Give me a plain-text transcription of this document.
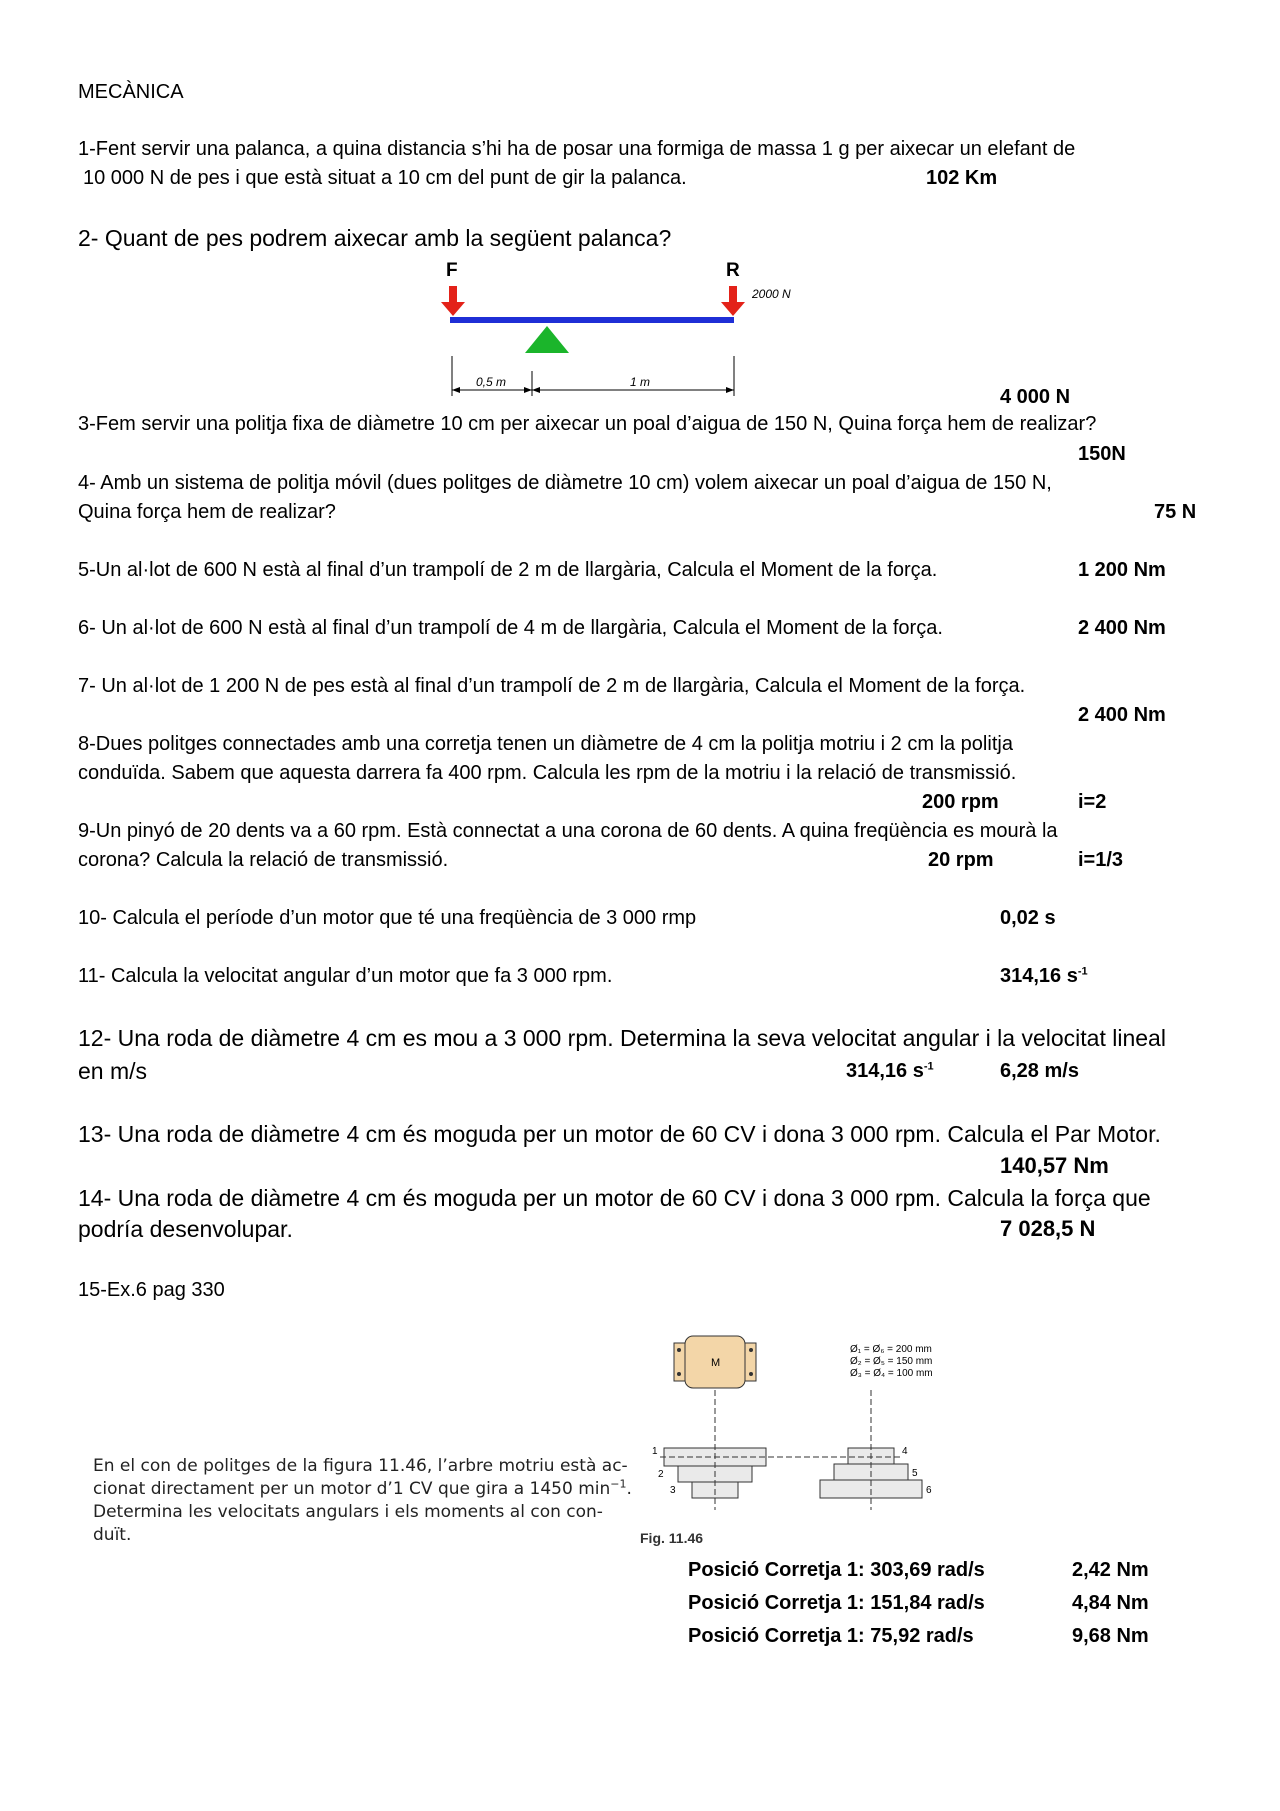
MECÀNICA
1-Fent servir una palanca, a quina distancia s’hi ha de posar una formiga de massa 1 g per aixecar un elefant de
10 000 N de pes i que està situat a 10 cm del punt de gir la palanca.	102 Km
2- Quant de pes podrem aixecar amb la següent palanca?
F	R
2000 N
0,5 m	1 m
4 000 N
3-Fem servir una politja fixa de diàmetre 10 cm per aixecar un poal d’aigua de 150 N, Quina força hem de realizar?
150N
4- Amb un sistema de politja móvil (dues politges de diàmetre 10 cm) volem aixecar un poal d’aigua de 150 N,
Quina força hem de realizar?	75 N
5-Un al·lot de 600 N està al final d’un trampolí de 2 m de llargària, Calcula el Moment de la força.	1 200 Nm
6- Un al·lot de 600 N està al final d’un trampolí de 4 m de llargària, Calcula el Moment de la força.	2 400 Nm
7- Un al·lot de 1 200 N de pes està al final d’un trampolí de 2 m de llargària, Calcula el Moment de la força.
2 400 Nm
8-Dues politges connectades amb una corretja tenen un diàmetre de 4 cm la politja motriu i 2 cm la politja
conduïda. Sabem que aquesta darrera fa 400 rpm. Calcula les rpm de la motriu i la relació de transmissió.
200 rpm	i=2
9-Un pinyó de 20 dents va a 60 rpm. Està connectat a una corona de 60 dents. A quina freqüència es mourà la
corona? Calcula la relació de transmissió.	20 rpm	i=1/3
10- Calcula el període d’un motor que té una freqüència de 3 000 rmp	0,02 s
11- Calcula la velocitat angular d’un motor que fa 3 000 rpm.	314,16 $s^{-1}$
12- Una roda de diàmetre 4 cm es mou a 3 000 rpm. Determina la seva velocitat angular i la velocitat lineal
en m/s	314,16 $s^{-1}$	6,28 m/s
13- Una roda de diàmetre 4 cm és moguda per un motor de 60 CV i dona 3 000 rpm. Calcula el Par Motor.
140,57 Nm
14- Una roda de diàmetre 4 cm és moguda per un motor de 60 CV i dona 3 000 rpm. Calcula la força que
podría desenvolupar.	7 028,5 N
15-Ex.6 pag 330
En el con de politges de la figura 11.46, l’arbre motriu està ac-
cionat directament per un motor d’1 CV que gira a 1450 $\min^{-1}$.
Determina les velocitats angulars i els moments al con con-
duït.
M
Ø₁ = Ø₆ = 200 mm
Ø₂ = Ø₅ = 150 mm
Ø₃ = Ø₄ = 100 mm
1
2
3
4
5
6
Fig. 11.46
Posició Corretja 1: 303,69 rad/s	2,42 Nm
Posició Corretja 1: 151,84 rad/s	4,84 Nm
Posició Corretja 1: 75,92 rad/s	9,68 Nm
